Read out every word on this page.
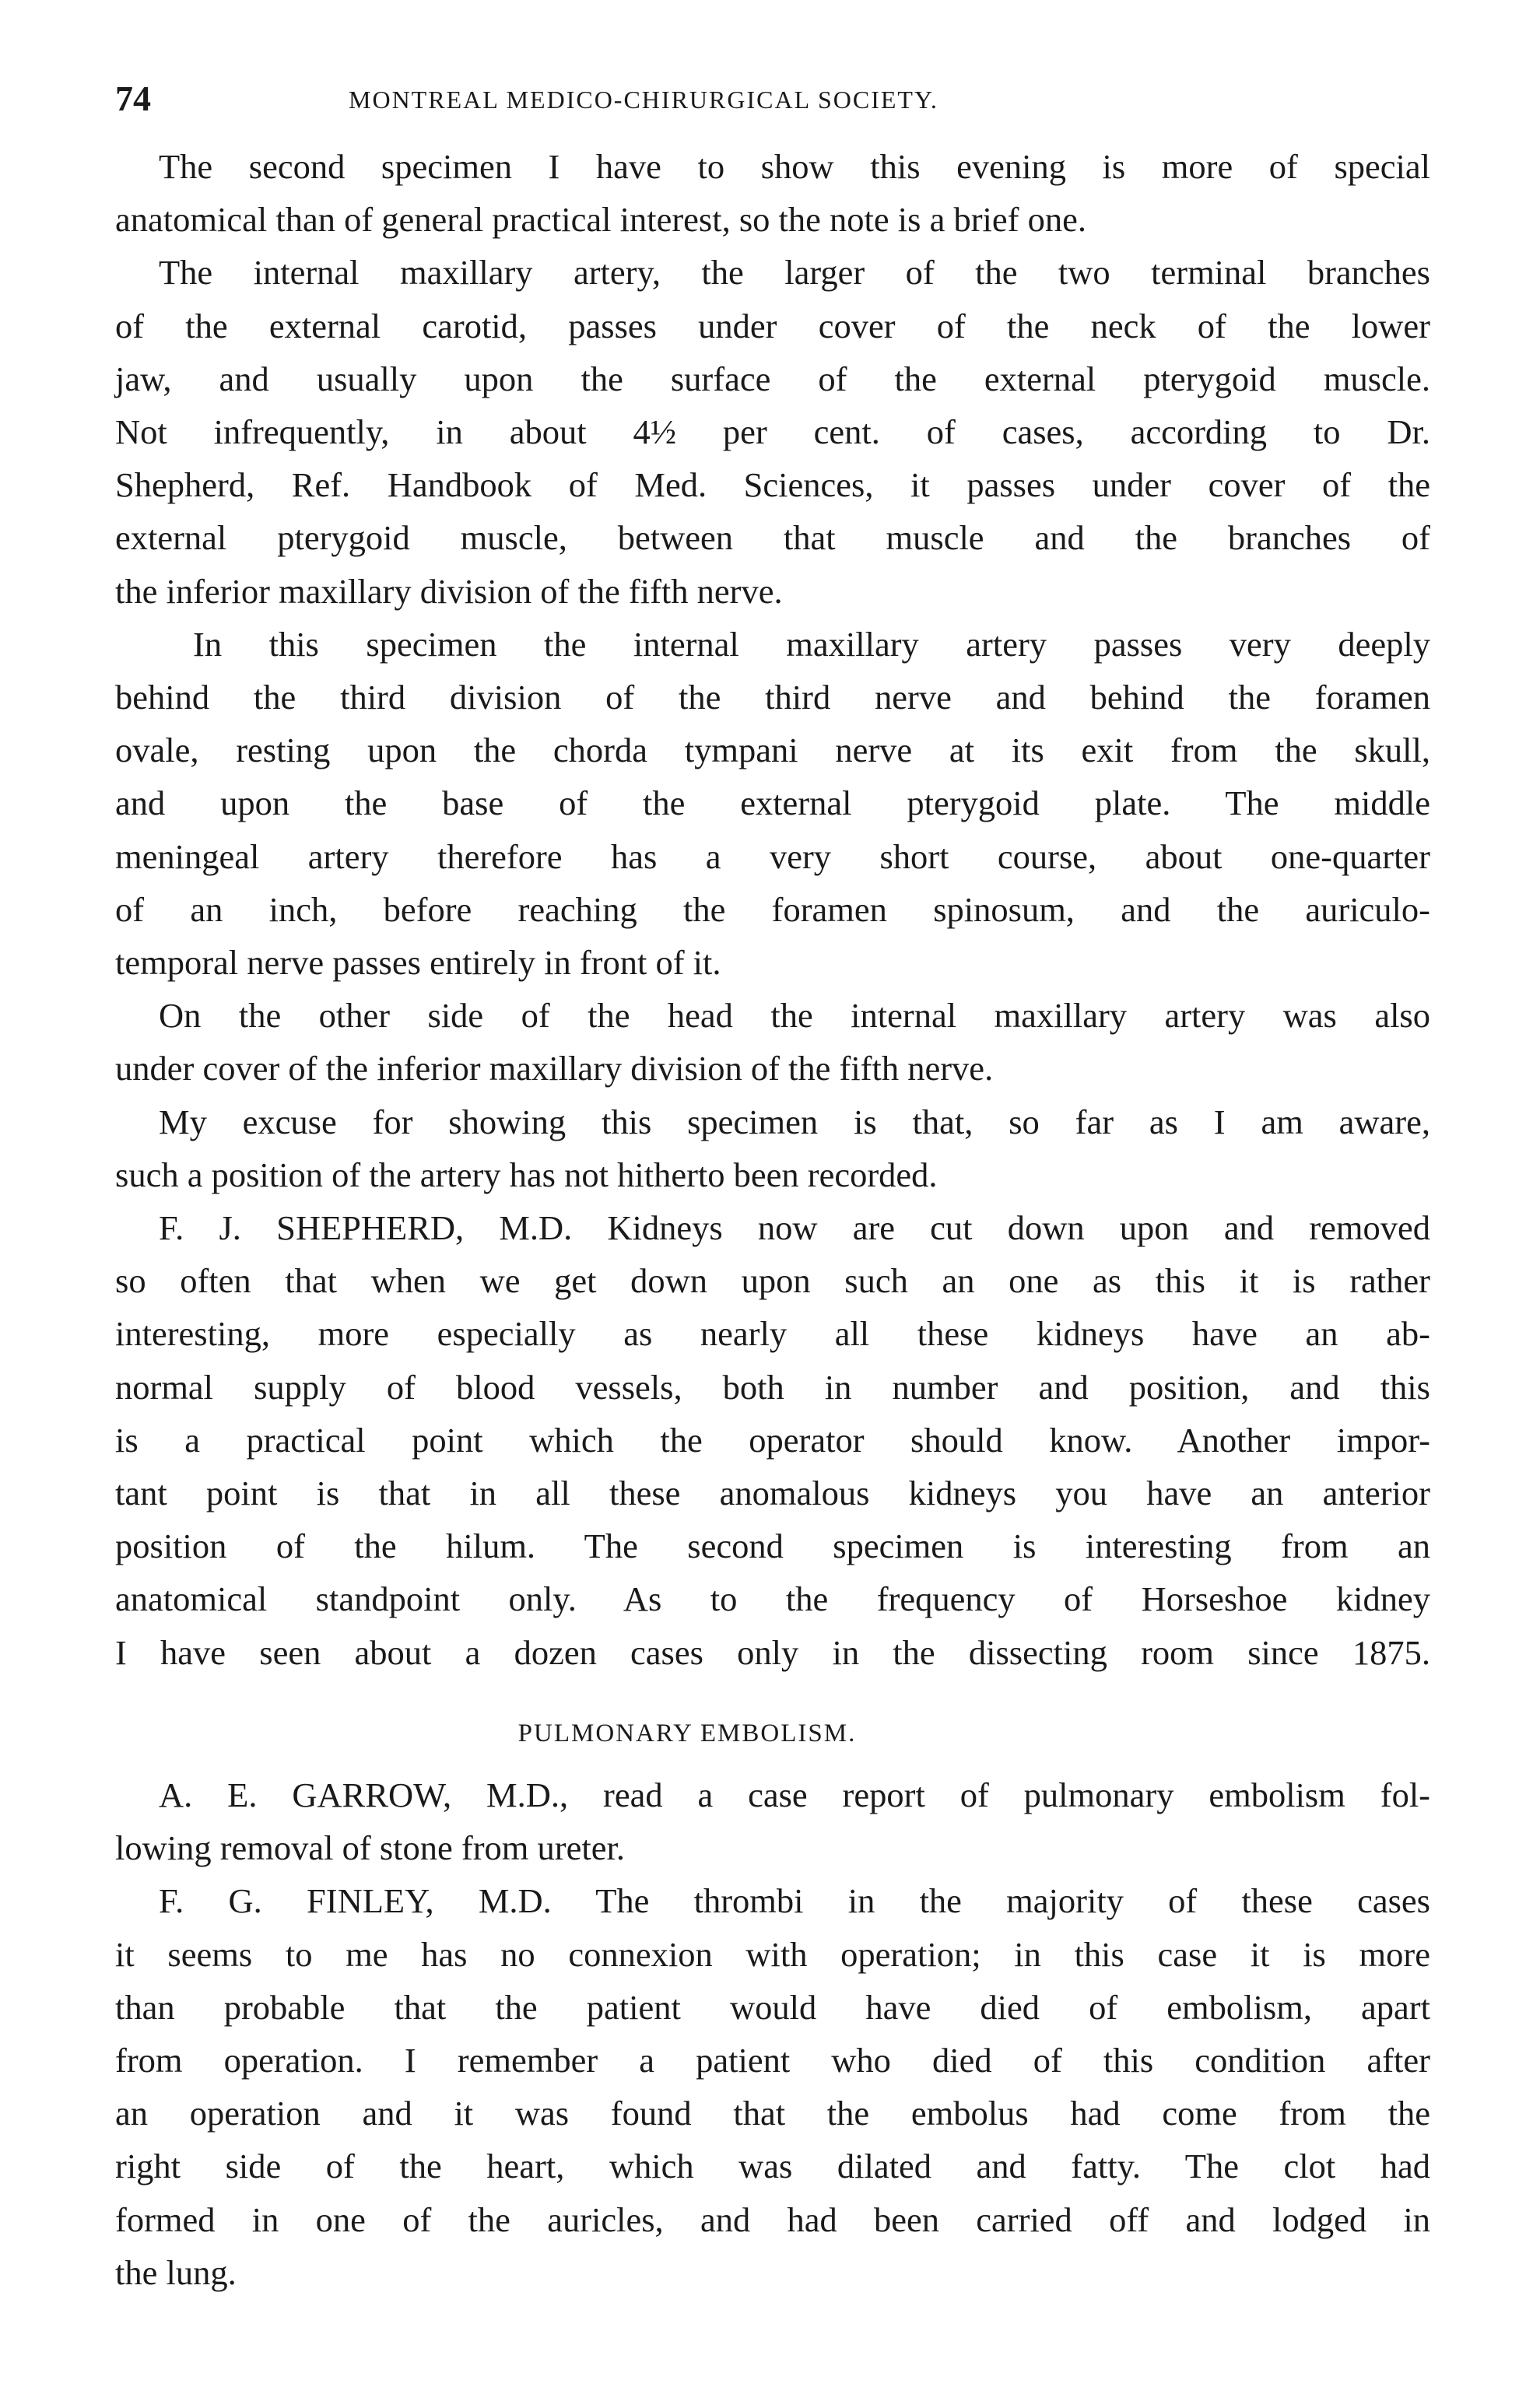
74	MONTREAL MEDICO-CHIRURGICAL SOCIETY.
The second specimen I have to show this evening is more of special
anatomical than of general practical interest, so the note is a brief one.
The internal maxillary artery, the larger of the two terminal branches
of the external carotid, passes under cover of the neck of the lower
jaw, and usually upon the surface of the external pterygoid muscle.
Not infrequently, in about 4½ per cent. of cases, according to Dr.
Shepherd, Ref. Handbook of Med. Sciences, it passes under cover of the
external pterygoid muscle, between that muscle and the branches of
the inferior maxillary division of the fifth nerve.
In this specimen the internal maxillary artery passes very deeply
behind the third division of the third nerve and behind the foramen
ovale, resting upon the chorda tympani nerve at its exit from the skull,
and upon the base of the external pterygoid plate. The middle
meningeal artery therefore has a very short course, about one-quarter
of an inch, before reaching the foramen spinosum, and the auriculo-
temporal nerve passes entirely in front of it.
On the other side of the head the internal maxillary artery was also
under cover of the inferior maxillary division of the fifth nerve.
My excuse for showing this specimen is that, so far as I am aware,
such a position of the artery has not hitherto been recorded.
F. J. SHEPHERD, M.D. Kidneys now are cut down upon and removed
so often that when we get down upon such an one as this it is rather
interesting, more especially as nearly all these kidneys have an ab-
normal supply of blood vessels, both in number and position, and this
is a practical point which the operator should know. Another impor-
tant point is that in all these anomalous kidneys you have an anterior
position of the hilum. The second specimen is interesting from an
anatomical standpoint only. As to the frequency of Horseshoe kidney
I have seen about a dozen cases only in the dissecting room since 1875.
PULMONARY EMBOLISM.
A. E. GARROW, M.D., read a case report of pulmonary embolism fol-
lowing removal of stone from ureter.
F. G. FINLEY, M.D. The thrombi in the majority of these cases
it seems to me has no connexion with operation; in this case it is more
than probable that the patient would have died of embolism, apart
from operation. I remember a patient who died of this condition after
an operation and it was found that the embolus had come from the
right side of the heart, which was dilated and fatty. The clot had
formed in one of the auricles, and had been carried off and lodged in
the lung.
